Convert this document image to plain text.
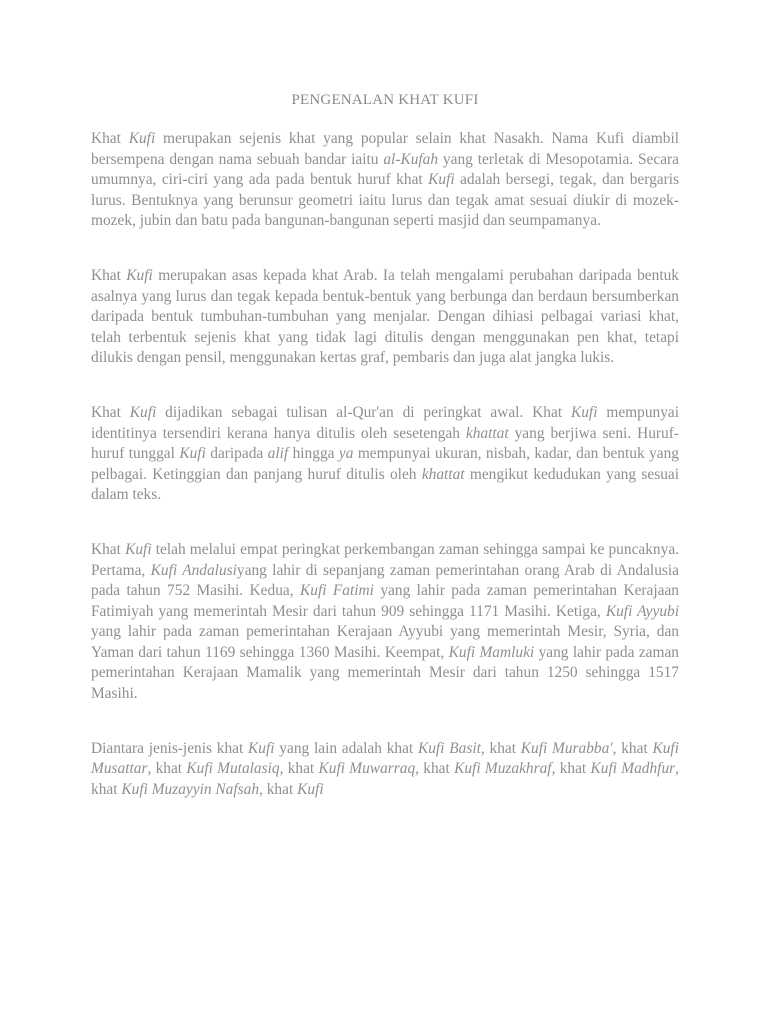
PENGENALAN KHAT KUFI

Khat Kufi merupakan sejenis khat yang popular selain khat Nasakh. Nama Kufi diambil bersempena dengan nama sebuah bandar iaitu al-Kufah yang terletak di Mesopotamia. Secara umumnya, ciri-ciri yang ada pada bentuk huruf khat Kufi adalah bersegi, tegak, dan bergaris lurus. Bentuknya yang berunsur geometri iaitu lurus dan tegak amat sesuai diukir di mozek-mozek, jubin dan batu pada bangunan-bangunan seperti masjid dan seumpamanya.

Khat Kufi merupakan asas kepada khat Arab. Ia telah mengalami perubahan daripada bentuk asalnya yang lurus dan tegak kepada bentuk-bentuk yang berbunga dan berdaun bersumberkan daripada bentuk tumbuhan-tumbuhan yang menjalar. Dengan dihiasi pelbagai variasi khat, telah terbentuk sejenis khat yang tidak lagi ditulis dengan menggunakan pen khat, tetapi dilukis dengan pensil, menggunakan kertas graf, pembaris dan juga alat jangka lukis.

Khat Kufi dijadikan sebagai tulisan al-Qur'an di peringkat awal. Khat Kufi mempunyai identitinya tersendiri kerana hanya ditulis oleh sesetengah khattat yang berjiwa seni. Huruf-huruf tunggal Kufi daripada alif hingga ya mempunyai ukuran, nisbah, kadar, dan bentuk yang pelbagai. Ketinggian dan panjang huruf ditulis oleh khattat mengikut kedudukan yang sesuai dalam teks.

Khat Kufi telah melalui empat peringkat perkembangan zaman sehingga sampai ke puncaknya. Pertama, Kufi Andalusiyang lahir di sepanjang zaman pemerintahan orang Arab di Andalusia pada tahun 752 Masihi. Kedua, Kufi Fatimi yang lahir pada zaman pemerintahan Kerajaan Fatimiyah yang memerintah Mesir dari tahun 909 sehingga 1171 Masihi. Ketiga, Kufi Ayyubi yang lahir pada zaman pemerintahan Kerajaan Ayyubi yang memerintah Mesir, Syria, dan Yaman dari tahun 1169 sehingga 1360 Masihi. Keempat, Kufi Mamluki yang lahir pada zaman pemerintahan Kerajaan Mamalik yang memerintah Mesir dari tahun 1250 sehingga 1517 Masihi.

Diantara jenis-jenis khat Kufi yang lain adalah khat Kufi Basit, khat Kufi Murabba', khat Kufi Musattar, khat Kufi Mutalasiq, khat Kufi Muwarraq, khat Kufi Muzakhraf, khat Kufi Madhfur, khat Kufi Muzayyin Nafsah, khat Kufi
